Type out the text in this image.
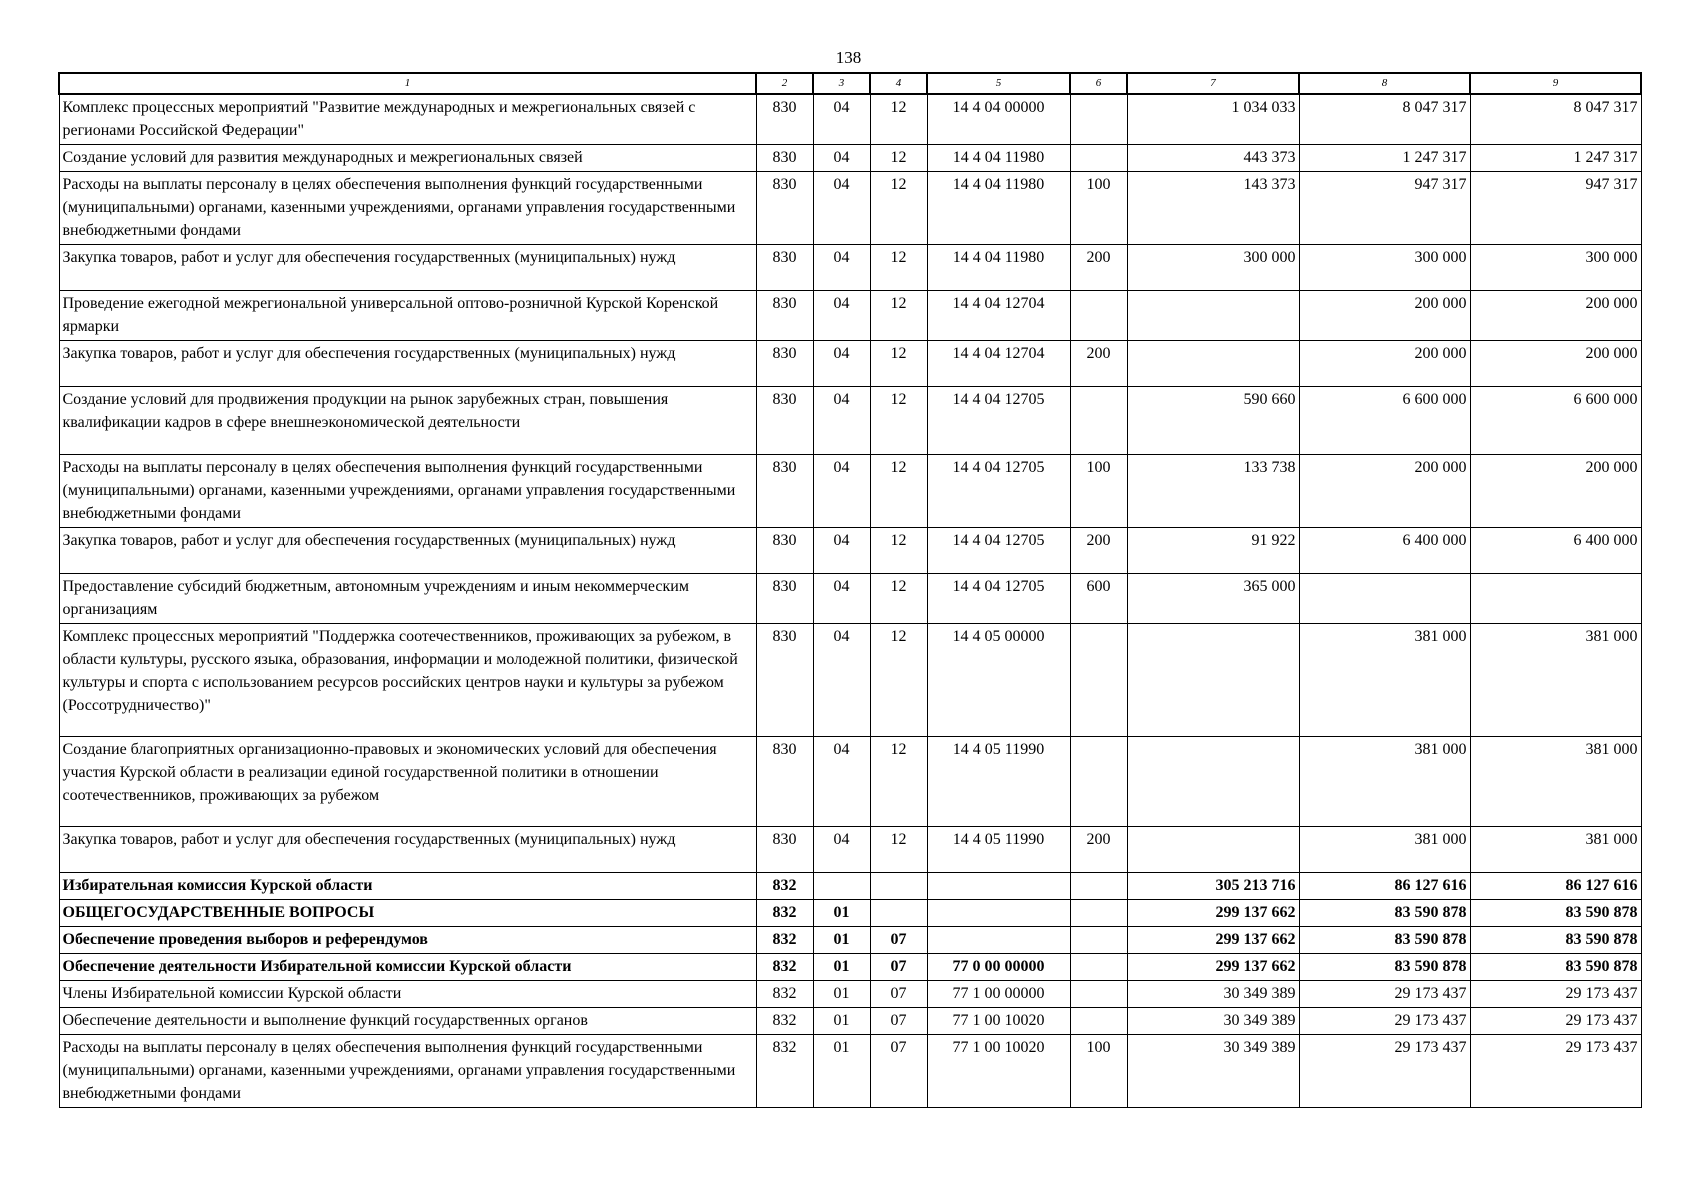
138
1	2	3	4	5	6	7	8	9
Комплекс процессных мероприятий "Развитие международных и межрегиональных связей с регионами Российской Федерации"	830	04	12	14 4 04 00000		1 034 033	8 047 317	8 047 317
Создание условий для развития международных и межрегиональных связей	830	04	12	14 4 04 11980		443 373	1 247 317	1 247 317
Расходы на выплаты персоналу в целях обеспечения выполнения функций государственными (муниципальными) органами, казенными учреждениями, органами управления государственными внебюджетными фондами	830	04	12	14 4 04 11980	100	143 373	947 317	947 317
Закупка товаров, работ и услуг для обеспечения государственных (муниципальных) нужд	830	04	12	14 4 04 11980	200	300 000	300 000	300 000
Проведение ежегодной межрегиональной универсальной оптово-розничной Курской Коренской ярмарки	830	04	12	14 4 04 12704			200 000	200 000
Закупка товаров, работ и услуг для обеспечения государственных (муниципальных) нужд	830	04	12	14 4 04 12704	200		200 000	200 000
Создание условий для продвижения продукции на рынок зарубежных стран, повышения квалификации кадров в сфере внешнеэкономической деятельности	830	04	12	14 4 04 12705		590 660	6 600 000	6 600 000
Расходы на выплаты персоналу в целях обеспечения выполнения функций государственными (муниципальными) органами, казенными учреждениями, органами управления государственными внебюджетными фондами	830	04	12	14 4 04 12705	100	133 738	200 000	200 000
Закупка товаров, работ и услуг для обеспечения государственных (муниципальных) нужд	830	04	12	14 4 04 12705	200	91 922	6 400 000	6 400 000
Предоставление субсидий бюджетным, автономным учреждениям и иным некоммерческим организациям	830	04	12	14 4 04 12705	600	365 000		
Комплекс процессных мероприятий "Поддержка соотечественников, проживающих за рубежом, в области культуры, русского языка, образования, информации и молодежной политики, физической культуры и спорта с использованием ресурсов российских центров науки и культуры за рубежом (Россотрудничество)"	830	04	12	14 4 05 00000			381 000	381 000
Создание благоприятных организационно-правовых и экономических условий для обеспечения участия Курской области в реализации единой государственной политики в отношении соотечественников, проживающих за рубежом	830	04	12	14 4 05 11990			381 000	381 000
Закупка товаров, работ и услуг для обеспечения государственных (муниципальных) нужд	830	04	12	14 4 05 11990	200		381 000	381 000
Избирательная комиссия Курской области	832					305 213 716	86 127 616	86 127 616
ОБЩЕГОСУДАРСТВЕННЫЕ ВОПРОСЫ	832	01				299 137 662	83 590 878	83 590 878
Обеспечение проведения выборов и референдумов	832	01	07			299 137 662	83 590 878	83 590 878
Обеспечение деятельности Избирательной комиссии Курской области	832	01	07	77 0 00 00000		299 137 662	83 590 878	83 590 878
Члены Избирательной комиссии Курской области	832	01	07	77 1 00 00000		30 349 389	29 173 437	29 173 437
Обеспечение деятельности и выполнение функций государственных органов	832	01	07	77 1 00 10020		30 349 389	29 173 437	29 173 437
Расходы на выплаты персоналу в целях обеспечения выполнения функций государственными (муниципальными) органами, казенными учреждениями, органами управления государственными внебюджетными фондами	832	01	07	77 1 00 10020	100	30 349 389	29 173 437	29 173 437
